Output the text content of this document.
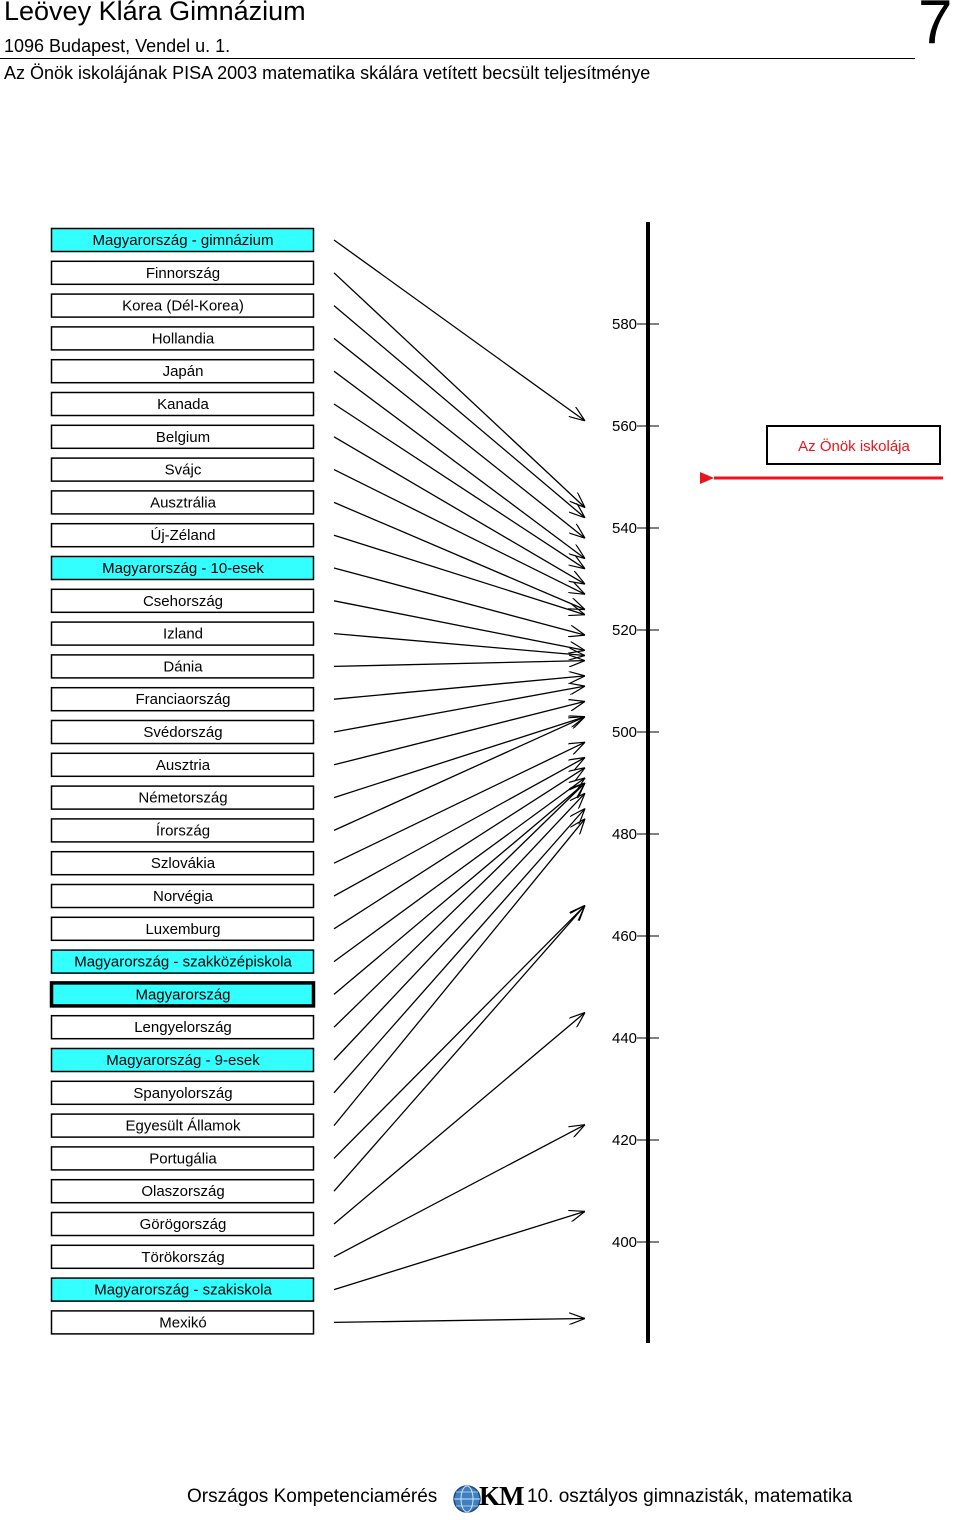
Leövey Klára Gimnázium
1096 Budapest, Vendel u. 1.
Az Önök iskolájának PISA 2003 matematika skálára vetített becsült teljesítménye
7
Magyarország - gimnázium
Finnország
Korea (Dél-Korea)
Hollandia
Japán
Kanada
Belgium
Svájc
Ausztrália
Új-Zéland
Magyarország - 10-esek
Csehország
Izland
Dánia
Franciaország
Svédország
Ausztria
Németország
Írország
Szlovákia
Norvégia
Luxemburg
Magyarország - szakközépiskola
Magyarország
Lengyelország
Magyarország - 9-esek
Spanyolország
Egyesült Államok
Portugália
Olaszország
Görögország
Törökország
Magyarország - szakiskola
Mexikó
580
560
540
520
500
480
460
440
420
400
Az Önök iskolája
Országos Kompetenciamérés KM 10. osztályos gimnazisták, matematika
